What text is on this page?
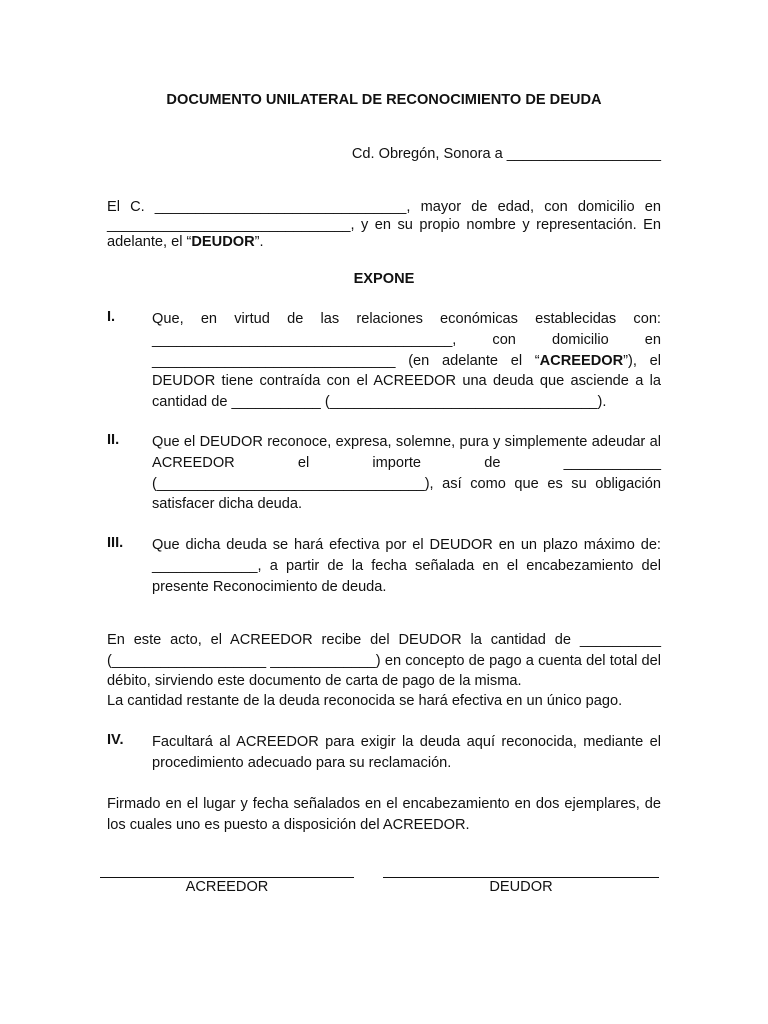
DOCUMENTO UNILATERAL DE RECONOCIMIENTO DE DEUDA
Cd. Obregón, Sonora a ___________________
El C. _______________________________, mayor de edad, con domicilio en ______________________________, y en su propio nombre y representación. En adelante, el “DEUDOR”.
EXPONE
I.	Que, en virtud de las relaciones económicas establecidas con: _____________________________________, con domicilio en ______________________________ (en adelante el “ACREEDOR”), el DEUDOR tiene contraída con el ACREEDOR una deuda que asciende a la cantidad de ___________ (_________________________________).
II. Que el DEUDOR reconoce, expresa, solemne, pura y simplemente adeudar al ACREEDOR el importe de ____________ (_________________________________), así como que es su obligación satisfacer dicha deuda.
III. Que dicha deuda se hará efectiva por el DEUDOR en un plazo máximo de: _____________, a partir de la fecha señalada en el encabezamiento del presente Reconocimiento de deuda.
En este acto, el ACREEDOR recibe del DEUDOR la cantidad de __________ (___________________ _____________) en concepto de pago a cuenta del total del débito, sirviendo este documento de carta de pago de la misma.
La cantidad restante de la deuda reconocida se hará efectiva en un único pago.
IV. Facultará al ACREEDOR para exigir la deuda aquí reconocida, mediante el procedimiento adecuado para su reclamación.
Firmado en el lugar y fecha señalados en el encabezamiento en dos ejemplares, de los cuales uno es puesto a disposición del ACREEDOR.
ACREEDOR	DEUDOR
